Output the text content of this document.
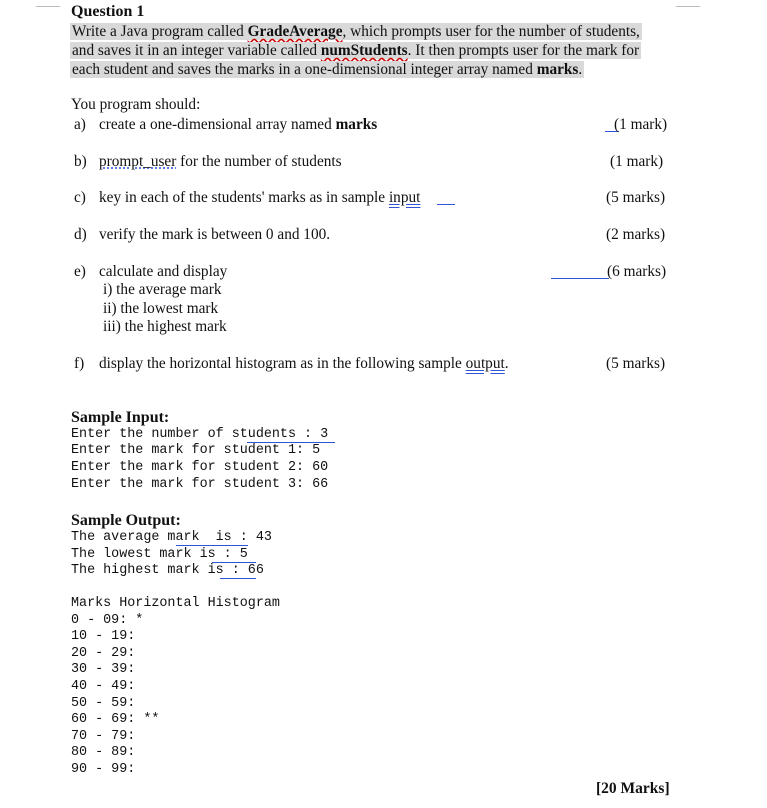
Question 1
Write a Java program called GradeAverage, which prompts user for the number of students,
and saves it in an integer variable called numStudents. It then prompts user for the mark for
each student and saves the marks in a one-dimensional integer array named marks.
You program should:
a) create a one-dimensional array named marks	(1 mark)
b) prompt_user for the number of students	(1 mark)
c) key in each of the students' marks as in sample input	(5 marks)
d) verify the mark is between 0 and 100.	(2 marks)
e) calculate and display	(6 marks)
i) the average mark
ii) the lowest mark
iii) the highest mark
f) display the horizontal histogram as in the following sample output.	(5 marks)
Sample Input:
Enter the number of students : 3
Enter the mark for student 1: 5
Enter the mark for student 2: 60
Enter the mark for student 3: 66
Sample Output:
The average mark  is : 43
The lowest mark is : 5
The highest mark is : 66
Marks Horizontal Histogram
0 - 09: *
10 - 19:
20 - 29:
30 - 39:
40 - 49:
50 - 59:
60 - 69: **
70 - 79:
80 - 89:
90 - 99:
[20 Marks]
